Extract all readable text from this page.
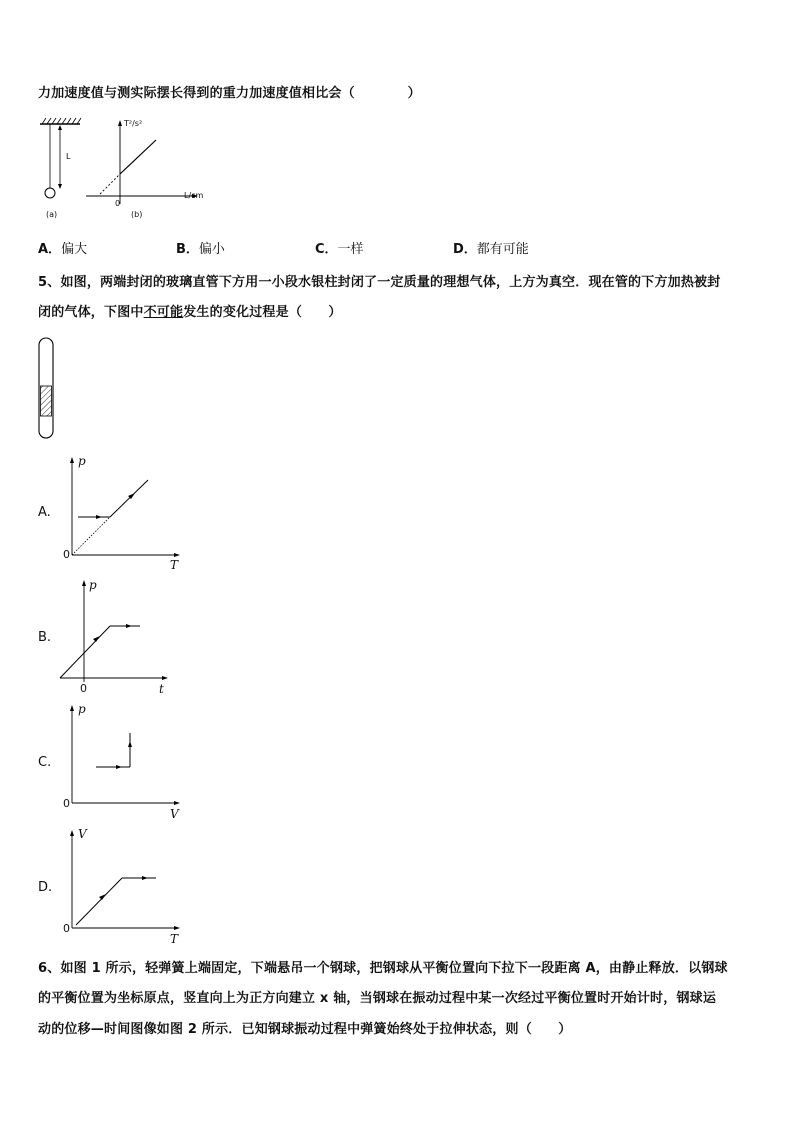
力加速度值与测实际摆长得到的重力加速度值相比会（　　　　）
L
T²/s²
L/cm
0
(a)	(b)
A．偏大	B．偏小	C．一样	D．都有可能
5、如图，两端封闭的玻璃直管下方用一小段水银柱封闭了一定质量的理想气体，上方为真空．现在管的下方加热被封
闭的气体，下图中不可能发生的变化过程是（　　）
A.
p
T
0
B.
p
t
0
C.
p
V
0
D.
V
T
0
6、如图 1 所示，轻弹簧上端固定，下端悬吊一个钢球，把钢球从平衡位置向下拉下一段距离 A，由静止释放．以钢球
的平衡位置为坐标原点，竖直向上为正方向建立 x 轴，当钢球在振动过程中某一次经过平衡位置时开始计时，钢球运
动的位移—时间图像如图 2 所示．已知钢球振动过程中弹簧始终处于拉伸状态，则（　　）
